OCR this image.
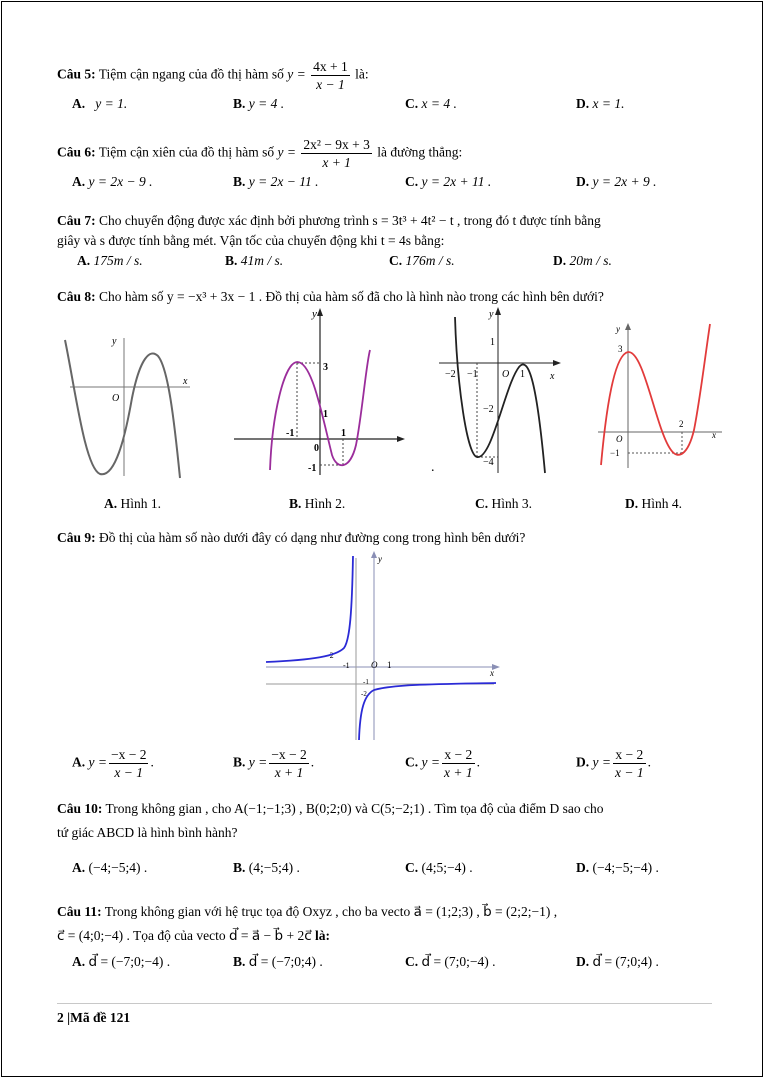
Câu 5: Tiệm cận ngang của đồ thị hàm số $y = \frac{4x + 1}{x - 1}$ là:
A. y = 1.	B. y = 4 .	C. x = 4 .	D. x = 1.
Câu 6: Tiệm cận xiên của đồ thị hàm số $y = \frac{\text{2x² − 9x + 3}}{x + 1}$ là đường thẳng:
A. y = 2x − 9 .	B. y = 2x − 11 .	C. y = 2x + 11 .	D. y = 2x + 9 .
Câu 7: Cho chuyển động được xác định bởi phương trình s = 3t³ + 4t² − t , trong đó t được tính bằng
giây và s được tính bằng mét. Vận tốc của chuyển động khi t = 4s bằng:
A. 175m / s.	B. 41m / s.	C. 176m / s.	D. 20m / s.
Câu 8: Cho hàm số y = −x³ + 3x − 1 . Đồ thị của hàm số đã cho là hình nào trong các hình bên dưới?
y
x
O
y
3
1
-1
0
-1	1
y
x
O
1
−2
−4
−2 −1	1
.
y
x
O
3
−1
2
A. Hình 1.	B. Hình 2.	C. Hình 3.	D. Hình 4.
Câu 9: Đồ thị của hàm số nào dưới đây có dạng như đường cong trong hình bên dưới?
y
x
O 1
-1
-2
-1
-2
A. $y = \frac{-x - 2}{x - 1}$ .	B. $y = \frac{-x - 2}{x + 1}$ .	C. $y = \frac{x - 2}{x + 1}$ .	D. $y = \frac{x - 2}{x - 1}$ .
Câu 10: Trong không gian , cho A(−1;−1;3) , B(0;2;0) và C(5;−2;1) . Tìm tọa độ của điểm D sao cho
tứ giác ABCD là hình bình hành?
A. (−4;−5;4) .	B. (4;−5;4) .	C. (4;5;−4) .	D. (−4;−5;−4) .
Câu 11: Trong không gian với hệ trục tọa độ Oxyz , cho ba vecto a⃗ = (1;2;3) , b⃗ = (2;2;−1) ,
c⃗ = (4;0;−4) . Tọa độ của vecto d⃗ = a⃗ − b⃗ + 2c⃗ là:
A. d⃗ = (−7;0;−4) .	B. d⃗ = (−7;0;4) .	C. d⃗ = (7;0;−4) .	D. d⃗ = (7;0;4) .
2 |Mã đề 121
